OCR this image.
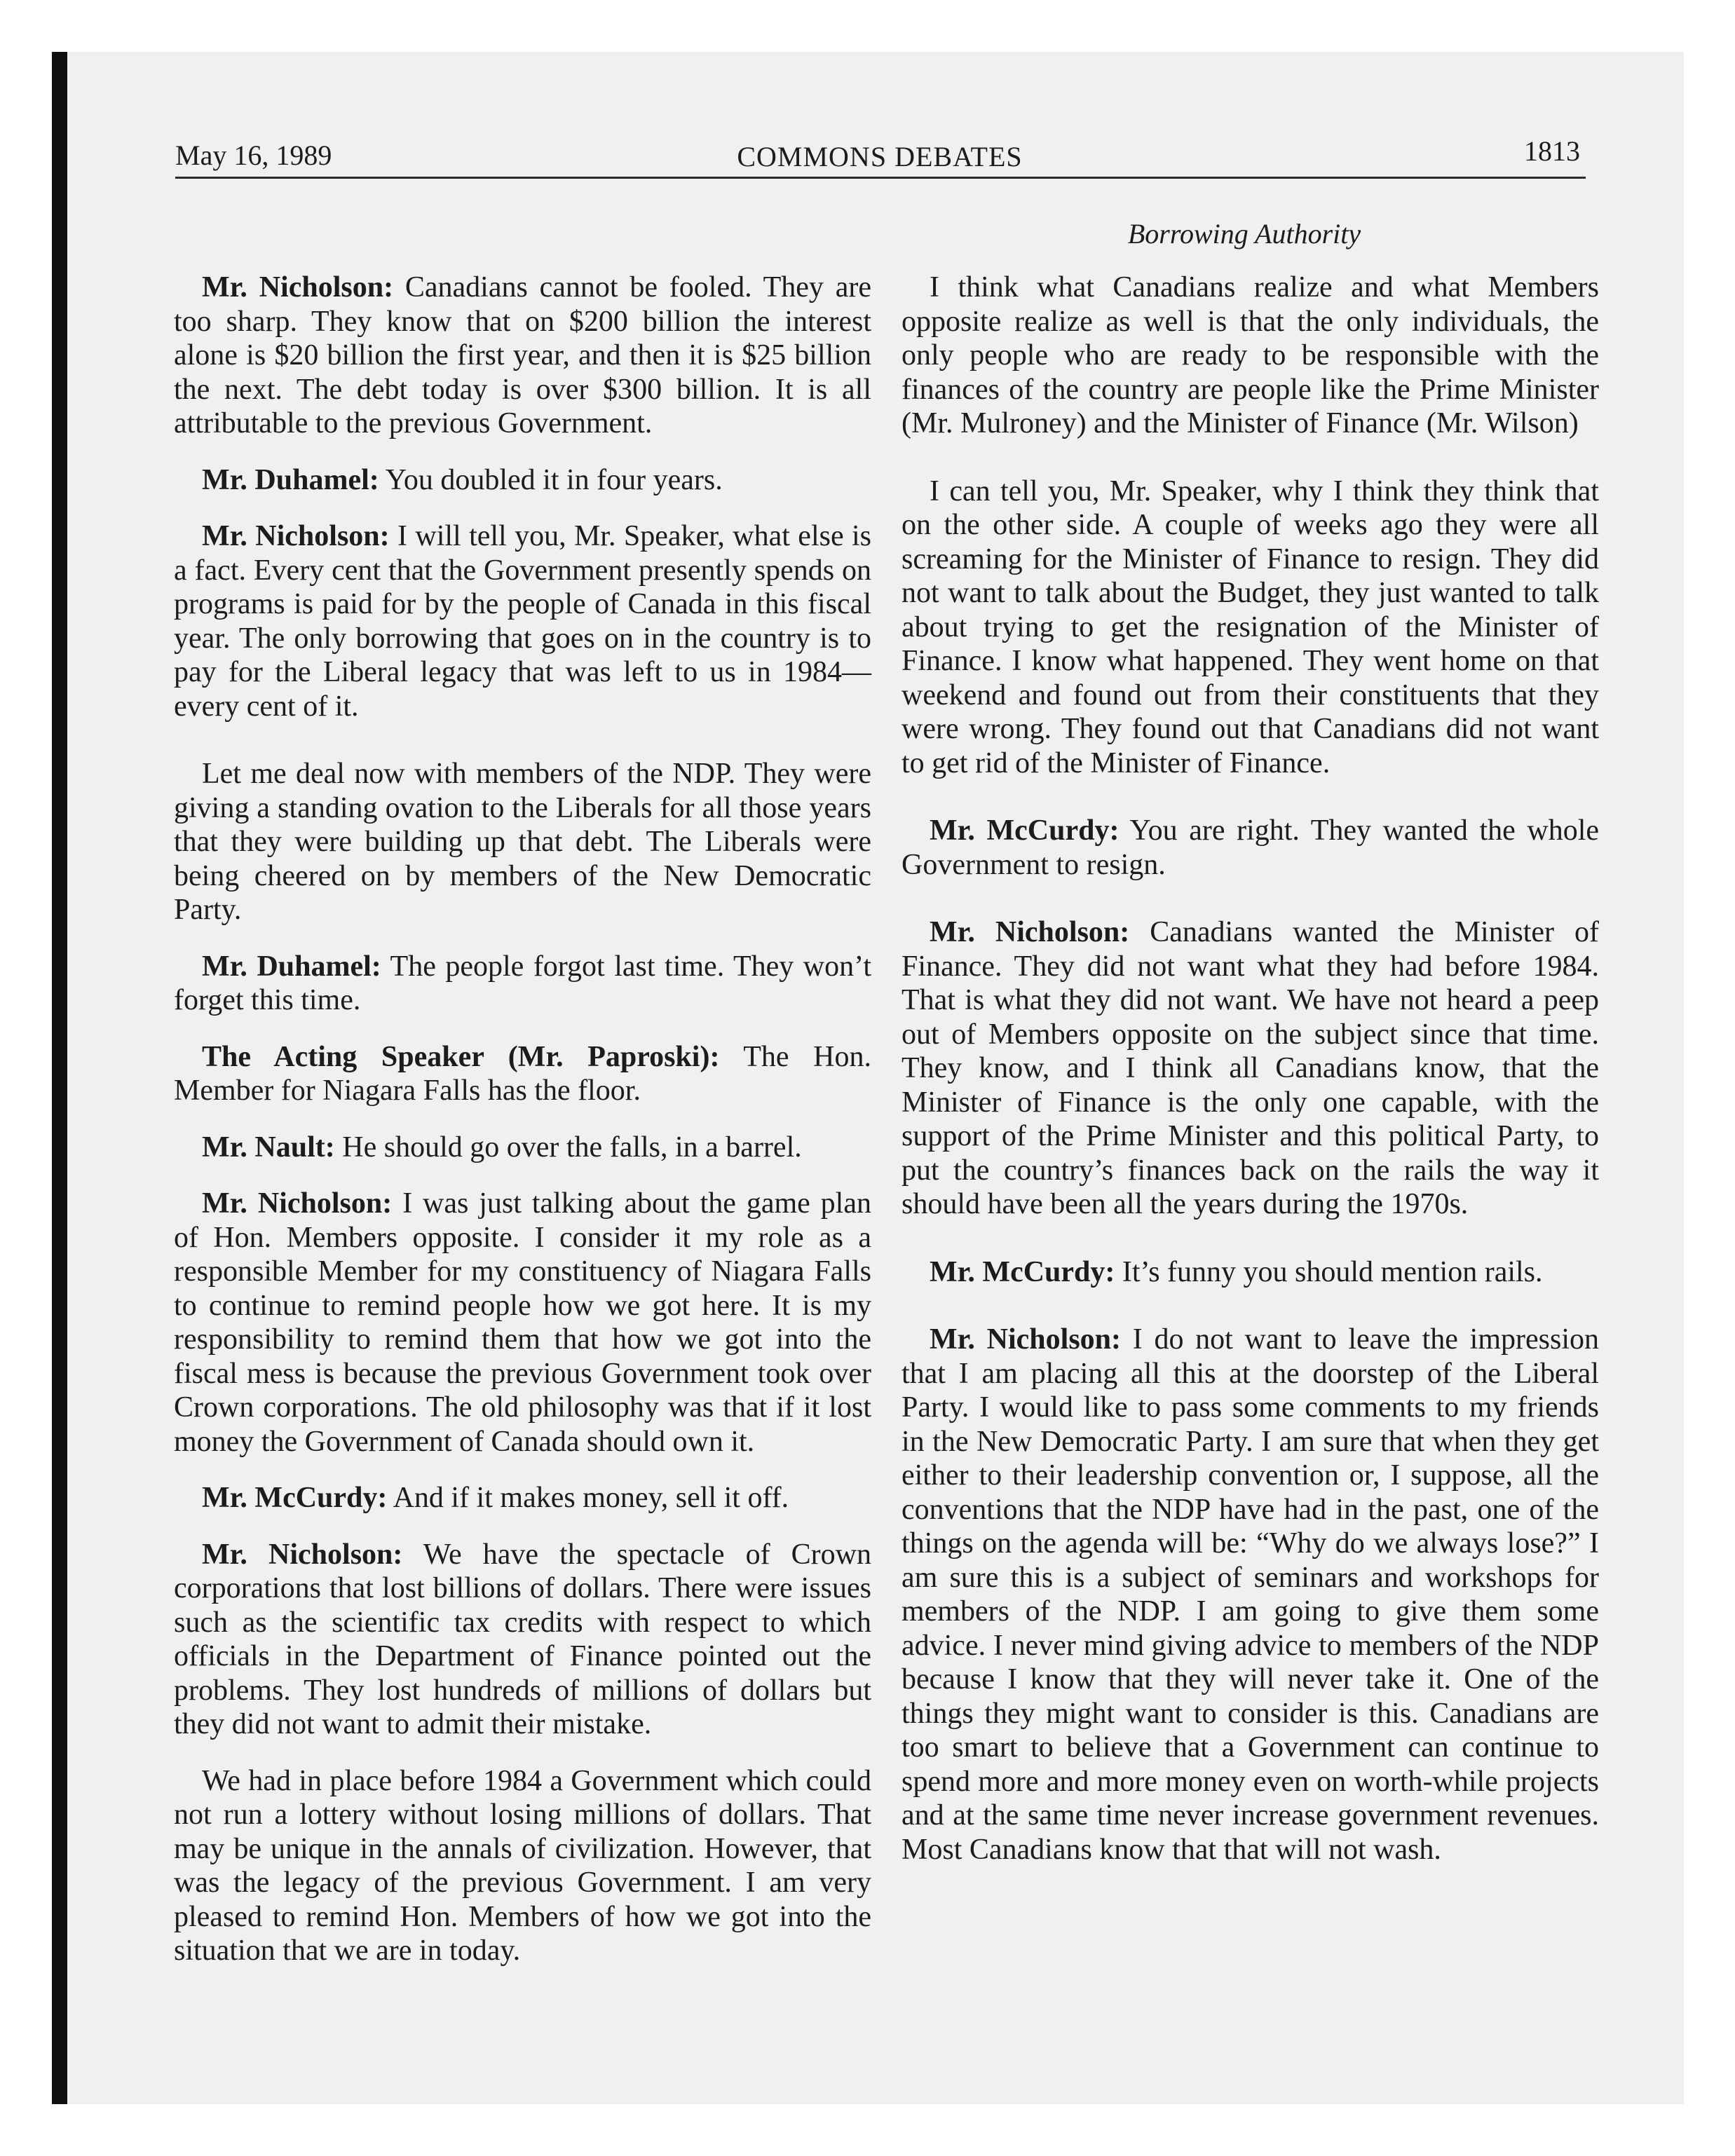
May 16, 1989	COMMONS DEBATES	1813
Borrowing Authority

Mr. Nicholson: Canadians cannot be fooled. They are too sharp. They know that on $200 billion the interest alone is $20 billion the first year, and then it is $25 billion the next. The debt today is over $300 billion. It is all attributable to the previous Government.

Mr. Duhamel: You doubled it in four years.

Mr. Nicholson: I will tell you, Mr. Speaker, what else is a fact. Every cent that the Government presently spends on programs is paid for by the people of Canada in this fiscal year. The only borrowing that goes on in the country is to pay for the Liberal legacy that was left to us in 1984—every cent of it.

Let me deal now with members of the NDP. They were giving a standing ovation to the Liberals for all those years that they were building up that debt. The Liberals were being cheered on by members of the New Democratic Party.

Mr. Duhamel: The people forgot last time. They won’t forget this time.

The Acting Speaker (Mr. Paproski): The Hon. Member for Niagara Falls has the floor.

Mr. Nault: He should go over the falls, in a barrel.

Mr. Nicholson: I was just talking about the game plan of Hon. Members opposite. I consider it my role as a responsible Member for my constituency of Niagara Falls to continue to remind people how we got here. It is my responsibility to remind them that how we got into the fiscal mess is because the previous Government took over Crown corporations. The old philosophy was that if it lost money the Government of Canada should own it.

Mr. McCurdy: And if it makes money, sell it off.

Mr. Nicholson: We have the spectacle of Crown corporations that lost billions of dollars. There were issues such as the scientific tax credits with respect to which officials in the Department of Finance pointed out the problems. They lost hundreds of millions of dollars but they did not want to admit their mistake.

We had in place before 1984 a Government which could not run a lottery without losing millions of dollars. That may be unique in the annals of civilization. However, that was the legacy of the previous Government. I am very pleased to remind Hon. Members of how we got into the situation that we are in today.

I think what Canadians realize and what Members opposite realize as well is that the only individuals, the only people who are ready to be responsible with the finances of the country are people like the Prime Minister (Mr. Mulroney) and the Minister of Finance (Mr. Wilson)

I can tell you, Mr. Speaker, why I think they think that on the other side. A couple of weeks ago they were all screaming for the Minister of Finance to resign. They did not want to talk about the Budget, they just wanted to talk about trying to get the resignation of the Minister of Finance. I know what happened. They went home on that weekend and found out from their constituents that they were wrong. They found out that Canadians did not want to get rid of the Minister of Finance.

Mr. McCurdy: You are right. They wanted the whole Government to resign.

Mr. Nicholson: Canadians wanted the Minister of Finance. They did not want what they had before 1984. That is what they did not want. We have not heard a peep out of Members opposite on the subject since that time. They know, and I think all Canadians know, that the Minister of Finance is the only one capable, with the support of the Prime Minister and this political Party, to put the country’s finances back on the rails the way it should have been all the years during the 1970s.

Mr. McCurdy: It’s funny you should mention rails.

Mr. Nicholson: I do not want to leave the impression that I am placing all this at the doorstep of the Liberal Party. I would like to pass some comments to my friends in the New Democratic Party. I am sure that when they get either to their leadership convention or, I suppose, all the conventions that the NDP have had in the past, one of the things on the agenda will be: “Why do we always lose?” I am sure this is a subject of seminars and workshops for members of the NDP. I am going to give them some advice. I never mind giving advice to members of the NDP because I know that they will never take it. One of the things they might want to consider is this. Canadians are too smart to believe that a Government can continue to spend more and more money even on worth-while projects and at the same time never increase government revenues. Most Canadians know that that will not wash.
